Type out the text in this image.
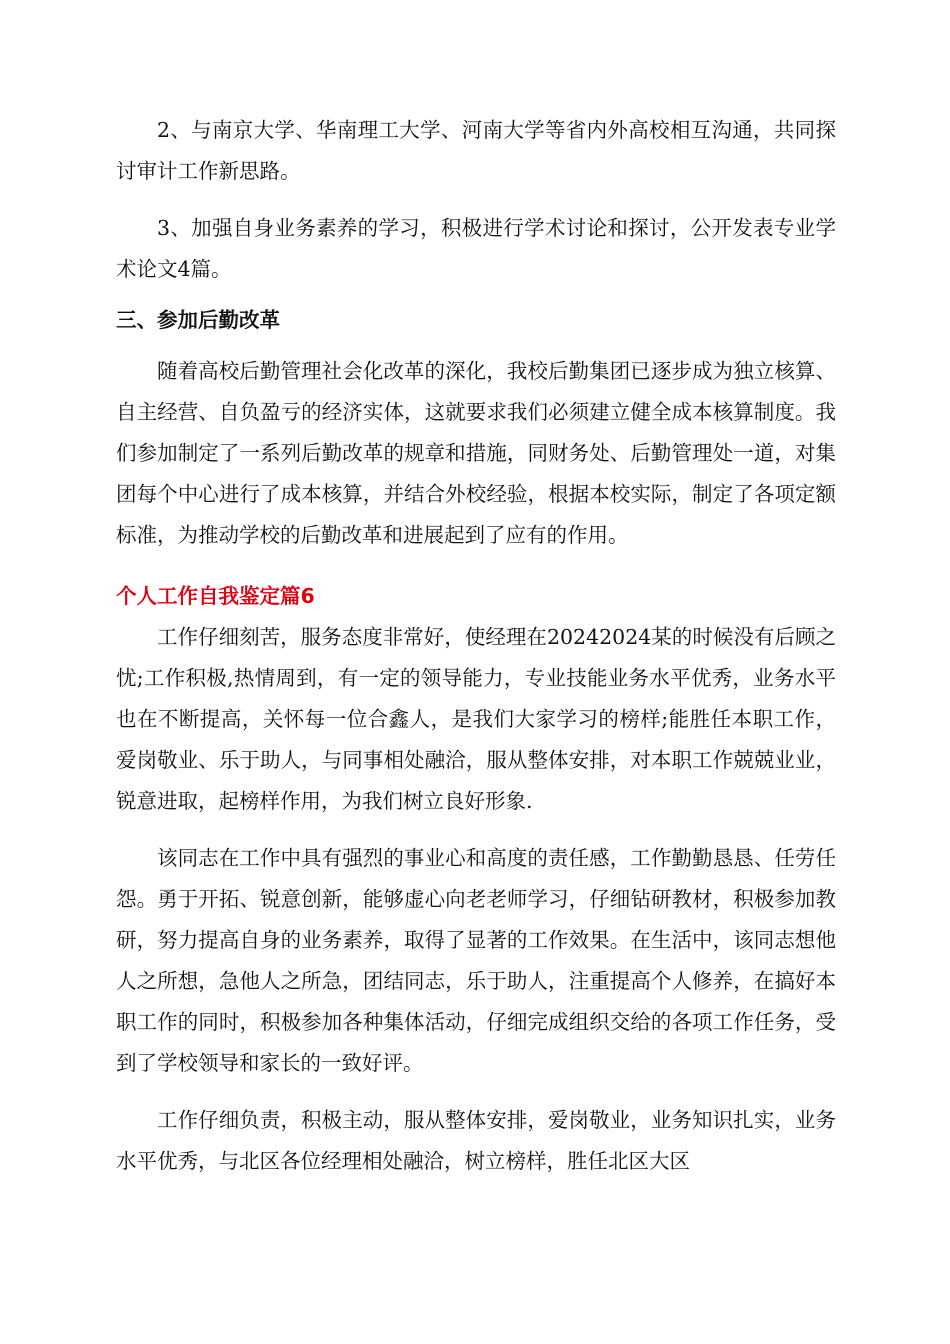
2、与南京大学、华南理工大学、河南大学等省内外高校相互沟通，共同探讨审计工作新思路。

3、加强自身业务素养的学习，积极进行学术讨论和探讨，公开发表专业学术论文4篇。

三、参加后勤改革

随着高校后勤管理社会化改革的深化，我校后勤集团已逐步成为独立核算、自主经营、自负盈亏的经济实体，这就要求我们必须建立健全成本核算制度。我们参加制定了一系列后勤改革的规章和措施，同财务处、后勤管理处一道，对集团每个中心进行了成本核算，并结合外校经验，根据本校实际，制定了各项定额标准，为推动学校的后勤改革和进展起到了应有的作用。

个人工作自我鉴定篇6

工作仔细刻苦，服务态度非常好，使经理在20242024某的时候没有后顾之忧;工作积极,热情周到，有一定的领导能力，专业技能业务水平优秀，业务水平也在不断提高，关怀每一位合鑫人，是我们大家学习的榜样;能胜任本职工作，爱岗敬业、乐于助人，与同事相处融洽，服从整体安排，对本职工作兢兢业业，锐意进取，起榜样作用，为我们树立良好形象.

该同志在工作中具有强烈的事业心和高度的责任感，工作勤勤恳恳、任劳任怨。勇于开拓、锐意创新，能够虚心向老老师学习，仔细钻研教材，积极参加教研，努力提高自身的业务素养，取得了显著的工作效果。在生活中，该同志想他人之所想，急他人之所急，团结同志，乐于助人，注重提高个人修养，在搞好本职工作的同时，积极参加各种集体活动，仔细完成组织交给的各项工作任务，受到了学校领导和家长的一致好评。

工作仔细负责，积极主动，服从整体安排，爱岗敬业，业务知识扎实，业务水平优秀，与北区各位经理相处融洽，树立榜样，胜任北区大区
